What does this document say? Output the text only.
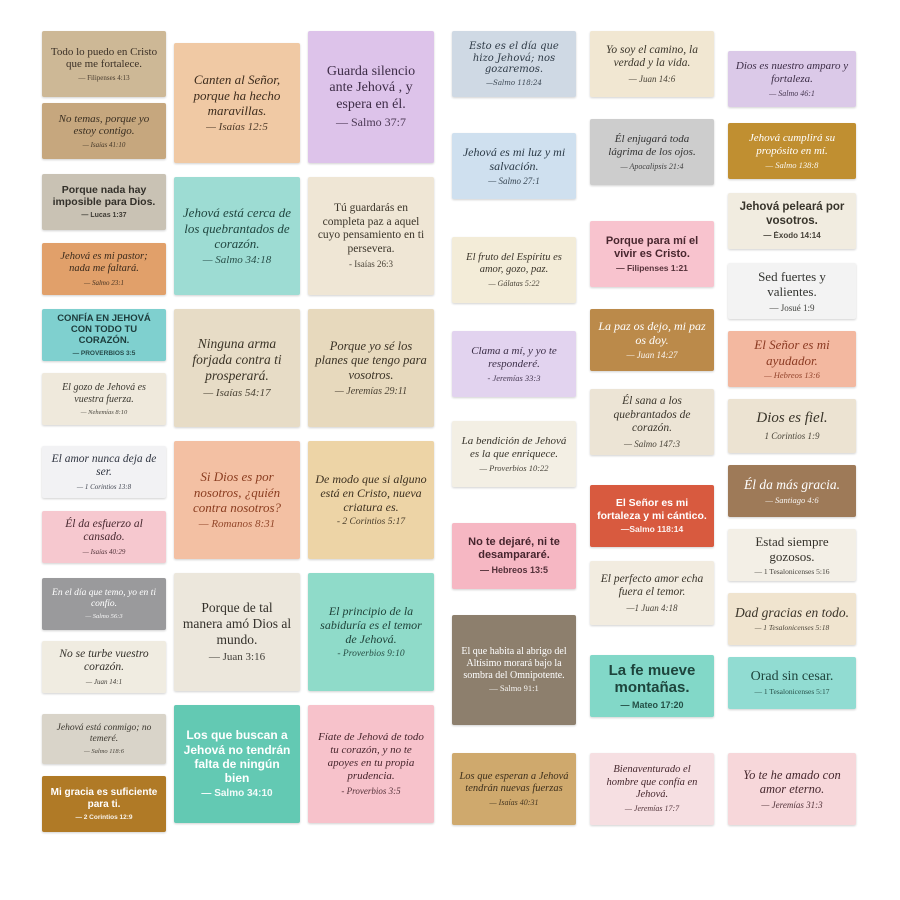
Todo lo puedo en Cristo que me fortalece.
— Filipenses 4:13
No temas, porque yo estoy contigo.
— Isaías 41:10
Porque nada hay imposible para Dios.
— Lucas 1:37
Jehová es mi pastor; nada me faltará.
— Salmo 23:1
CONFÍA EN JEHOVÁ CON TODO TU CORAZÓN.
— PROVERBIOS 3:5
El gozo de Jehová es vuestra fuerza.
— Nehemías 8:10
El amor nunca deja de ser.
— 1 Corintios 13:8
Él da esfuerzo al cansado.
— Isaías 40:29
En el día que temo, yo en ti confío.
— Salmo 56:3
No se turbe vuestro corazón.
— Juan 14:1
Jehová está conmigo; no temeré.
— Salmo 118:6
Mi gracia es suficiente para ti.
— 2 Corintios 12:9
Canten al Señor, porque ha hecho maravillas.
— Isaías 12:5
Jehová está cerca de los quebrantados de corazón.
— Salmo 34:18
Ninguna arma forjada contra ti prosperará.
— Isaías 54:17
Si Dios es por nosotros, ¿quién contra nosotros?
— Romanos 8:31
Porque de tal manera amó Dios al mundo.
— Juan 3:16
Los que buscan a Jehová no tendrán falta de ningún bien
— Salmo 34:10
Guarda silencio ante Jehová , y espera en él.
— Salmo 37:7
Tú guardarás en completa paz a aquel cuyo pensamiento en ti persevera.
- Isaías 26:3
Porque yo sé los planes que tengo para vosotros.
— Jeremías 29:11
De modo que si alguno está en Cristo, nueva criatura es.
- 2 Corintios 5:17
El principio de la sabiduría es el temor de Jehová.
- Proverbios 9:10
Fíate de Jehová de todo tu corazón, y no te apoyes en tu propia prudencia.
- Proverbios 3:5
Esto es el día que hizo Jehová; nos gozaremos.
—Salmo 118:24
Jehová es mi luz y mi salvación.
— Salmo 27:1
El fruto del Espíritu es amor, gozo, paz.
— Gálatas 5:22
Clama a mí, y yo te responderé.
- Jeremías 33:3
La bendición de Jehová es la que enriquece.
— Proverbios 10:22
No te dejaré, ni te desampararé.
— Hebreos 13:5
El que habita al abrigo del Altísimo morará bajo la sombra del Omnipotente.
— Salmo 91:1
Los que esperan a Jehová tendrán nuevas fuerzas
— Isaías 40:31
Yo soy el camino, la verdad y la vida.
— Juan 14:6
Él enjugará toda lágrima de los ojos.
— Apocalipsis 21:4
Porque para mí el vivir es Cristo.
— Filipenses 1:21
La paz os dejo, mi paz os doy.
— Juan 14:27
Él sana a los quebrantados de corazón.
— Salmo 147:3
El Señor es mi fortaleza y mi cántico.
—Salmo 118:14
El perfecto amor echa fuera el temor.
—1 Juan 4:18
La fe mueve montañas.
— Mateo 17:20
Bienaventurado el hombre que confía en Jehová.
— Jeremías 17:7
Dios es nuestro amparo y fortaleza.
— Salmo 46:1
Jehová cumplirá su propósito en mí.
— Salmo 138:8
Jehová peleará por vosotros.
— Éxodo 14:14
Sed fuertes y valientes.
— Josué 1:9
El Señor es mi ayudador.
— Hebreos 13:6
Dios es fiel.
1 Corintios 1:9
Él da más gracia.
— Santiago 4:6
Estad siempre gozosos.
— 1 Tesalonicenses 5:16
Dad gracias en todo.
— 1 Tesalonicenses 5:18
Orad sin cesar.
— 1 Tesalonicenses 5:17
Yo te he amado con amor eterno.
— Jeremías 31:3
